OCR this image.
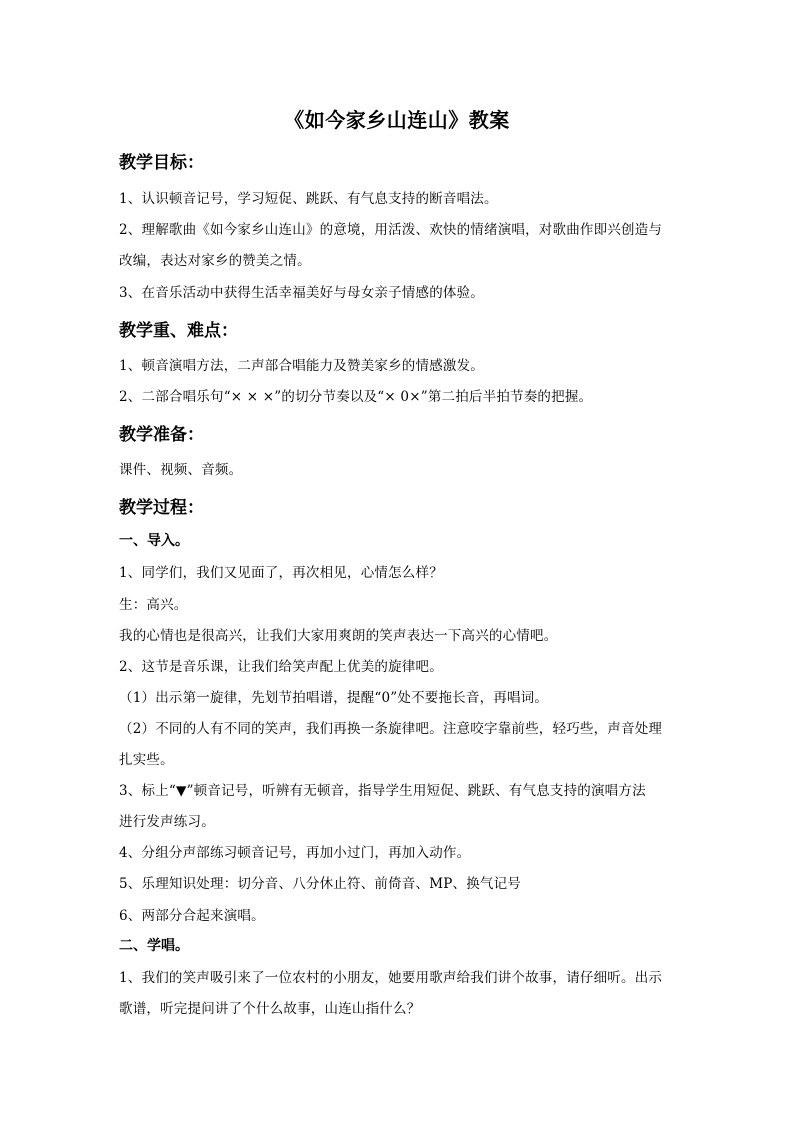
《如今家乡山连山》教案
教学目标：
1、认识顿音记号，学习短促、跳跃、有气息支持的断音唱法。
2、理解歌曲《如今家乡山连山》的意境，用活泼、欢快的情绪演唱，对歌曲作即兴创造与
改编，表达对家乡的赞美之情。
3、在音乐活动中获得生活幸福美好与母女亲子情感的体验。
教学重、难点：
1、顿音演唱方法，二声部合唱能力及赞美家乡的情感激发。
2、二部合唱乐句“× × ×”的切分节奏以及“× 0×”第二拍后半拍节奏的把握。
教学准备：
课件、视频、音频。
教学过程：
一、导入。
1、同学们，我们又见面了，再次相见，心情怎么样？
生：高兴。
我的心情也是很高兴，让我们大家用爽朗的笑声表达一下高兴的心情吧。
2、这节是音乐课，让我们给笑声配上优美的旋律吧。
（1）出示第一旋律，先划节拍唱谱，提醒“0”处不要拖长音，再唱词。
（2）不同的人有不同的笑声，我们再换一条旋律吧。注意咬字靠前些，轻巧些，声音处理
扎实些。
3、标上“▼”顿音记号，听辨有无顿音，指导学生用短促、跳跃、有气息支持的演唱方法
进行发声练习。
4、分组分声部练习顿音记号，再加小过门，再加入动作。
5、乐理知识处理：切分音、八分休止符、前倚音、MP、换气记号
6、两部分合起来演唱。
二、学唱。
1、我们的笑声吸引来了一位农村的小朋友，她要用歌声给我们讲个故事，请仔细听。出示
歌谱，听完提问讲了个什么故事，山连山指什么？
